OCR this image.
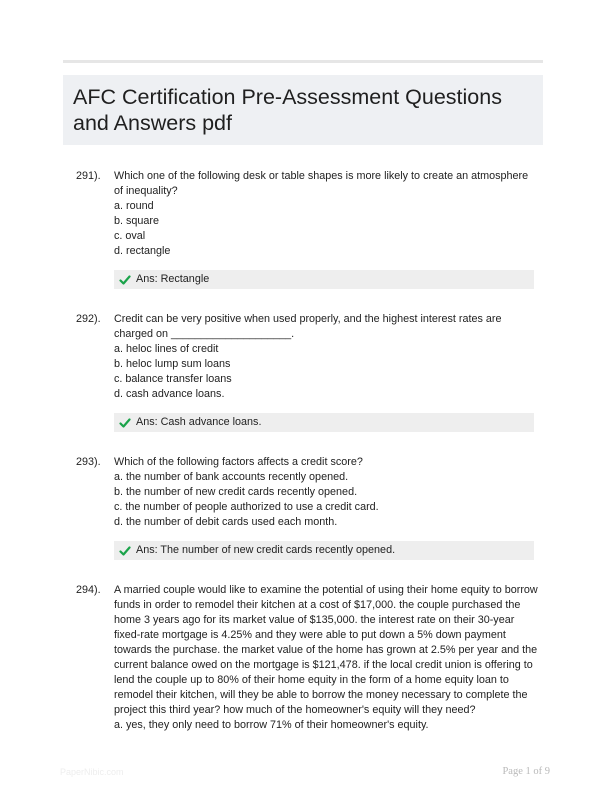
AFC Certification Pre-Assessment Questions and Answers pdf
291). Which one of the following desk or table shapes is more likely to create an atmosphere of inequality?

a. round
b. square
c. oval
d. rectangle
Ans: Rectangle
292). Credit can be very positive when used properly, and the highest interest rates are charged on ____________________.

a. heloc lines of credit
b. heloc lump sum loans
c. balance transfer loans
d. cash advance loans.
Ans: Cash advance loans.
293). Which of the following factors affects a credit score?

a. the number of bank accounts recently opened.
b. the number of new credit cards recently opened.
c. the number of people authorized to use a credit card.
d. the number of debit cards used each month.
Ans: The number of new credit cards recently opened.
294). A married couple would like to examine the potential of using their home equity to borrow funds in order to remodel their kitchen at a cost of $17,000. the couple purchased the home 3 years ago for its market value of $135,000. the interest rate on their 30-year fixed-rate mortgage is 4.25% and they were able to put down a 5% down payment towards the purchase. the market value of the home has grown at 2.5% per year and the current balance owed on the mortgage is $121,478. if the local credit union is offering to lend the couple up to 80% of their home equity in the form of a home equity loan to remodel their kitchen, will they be able to borrow the money necessary to complete the project this third year? how much of the homeowner's equity will they need?

a. yes, they only need to borrow 71% of their homeowner's equity.
PaperNibic.com	Page 1 of 9
